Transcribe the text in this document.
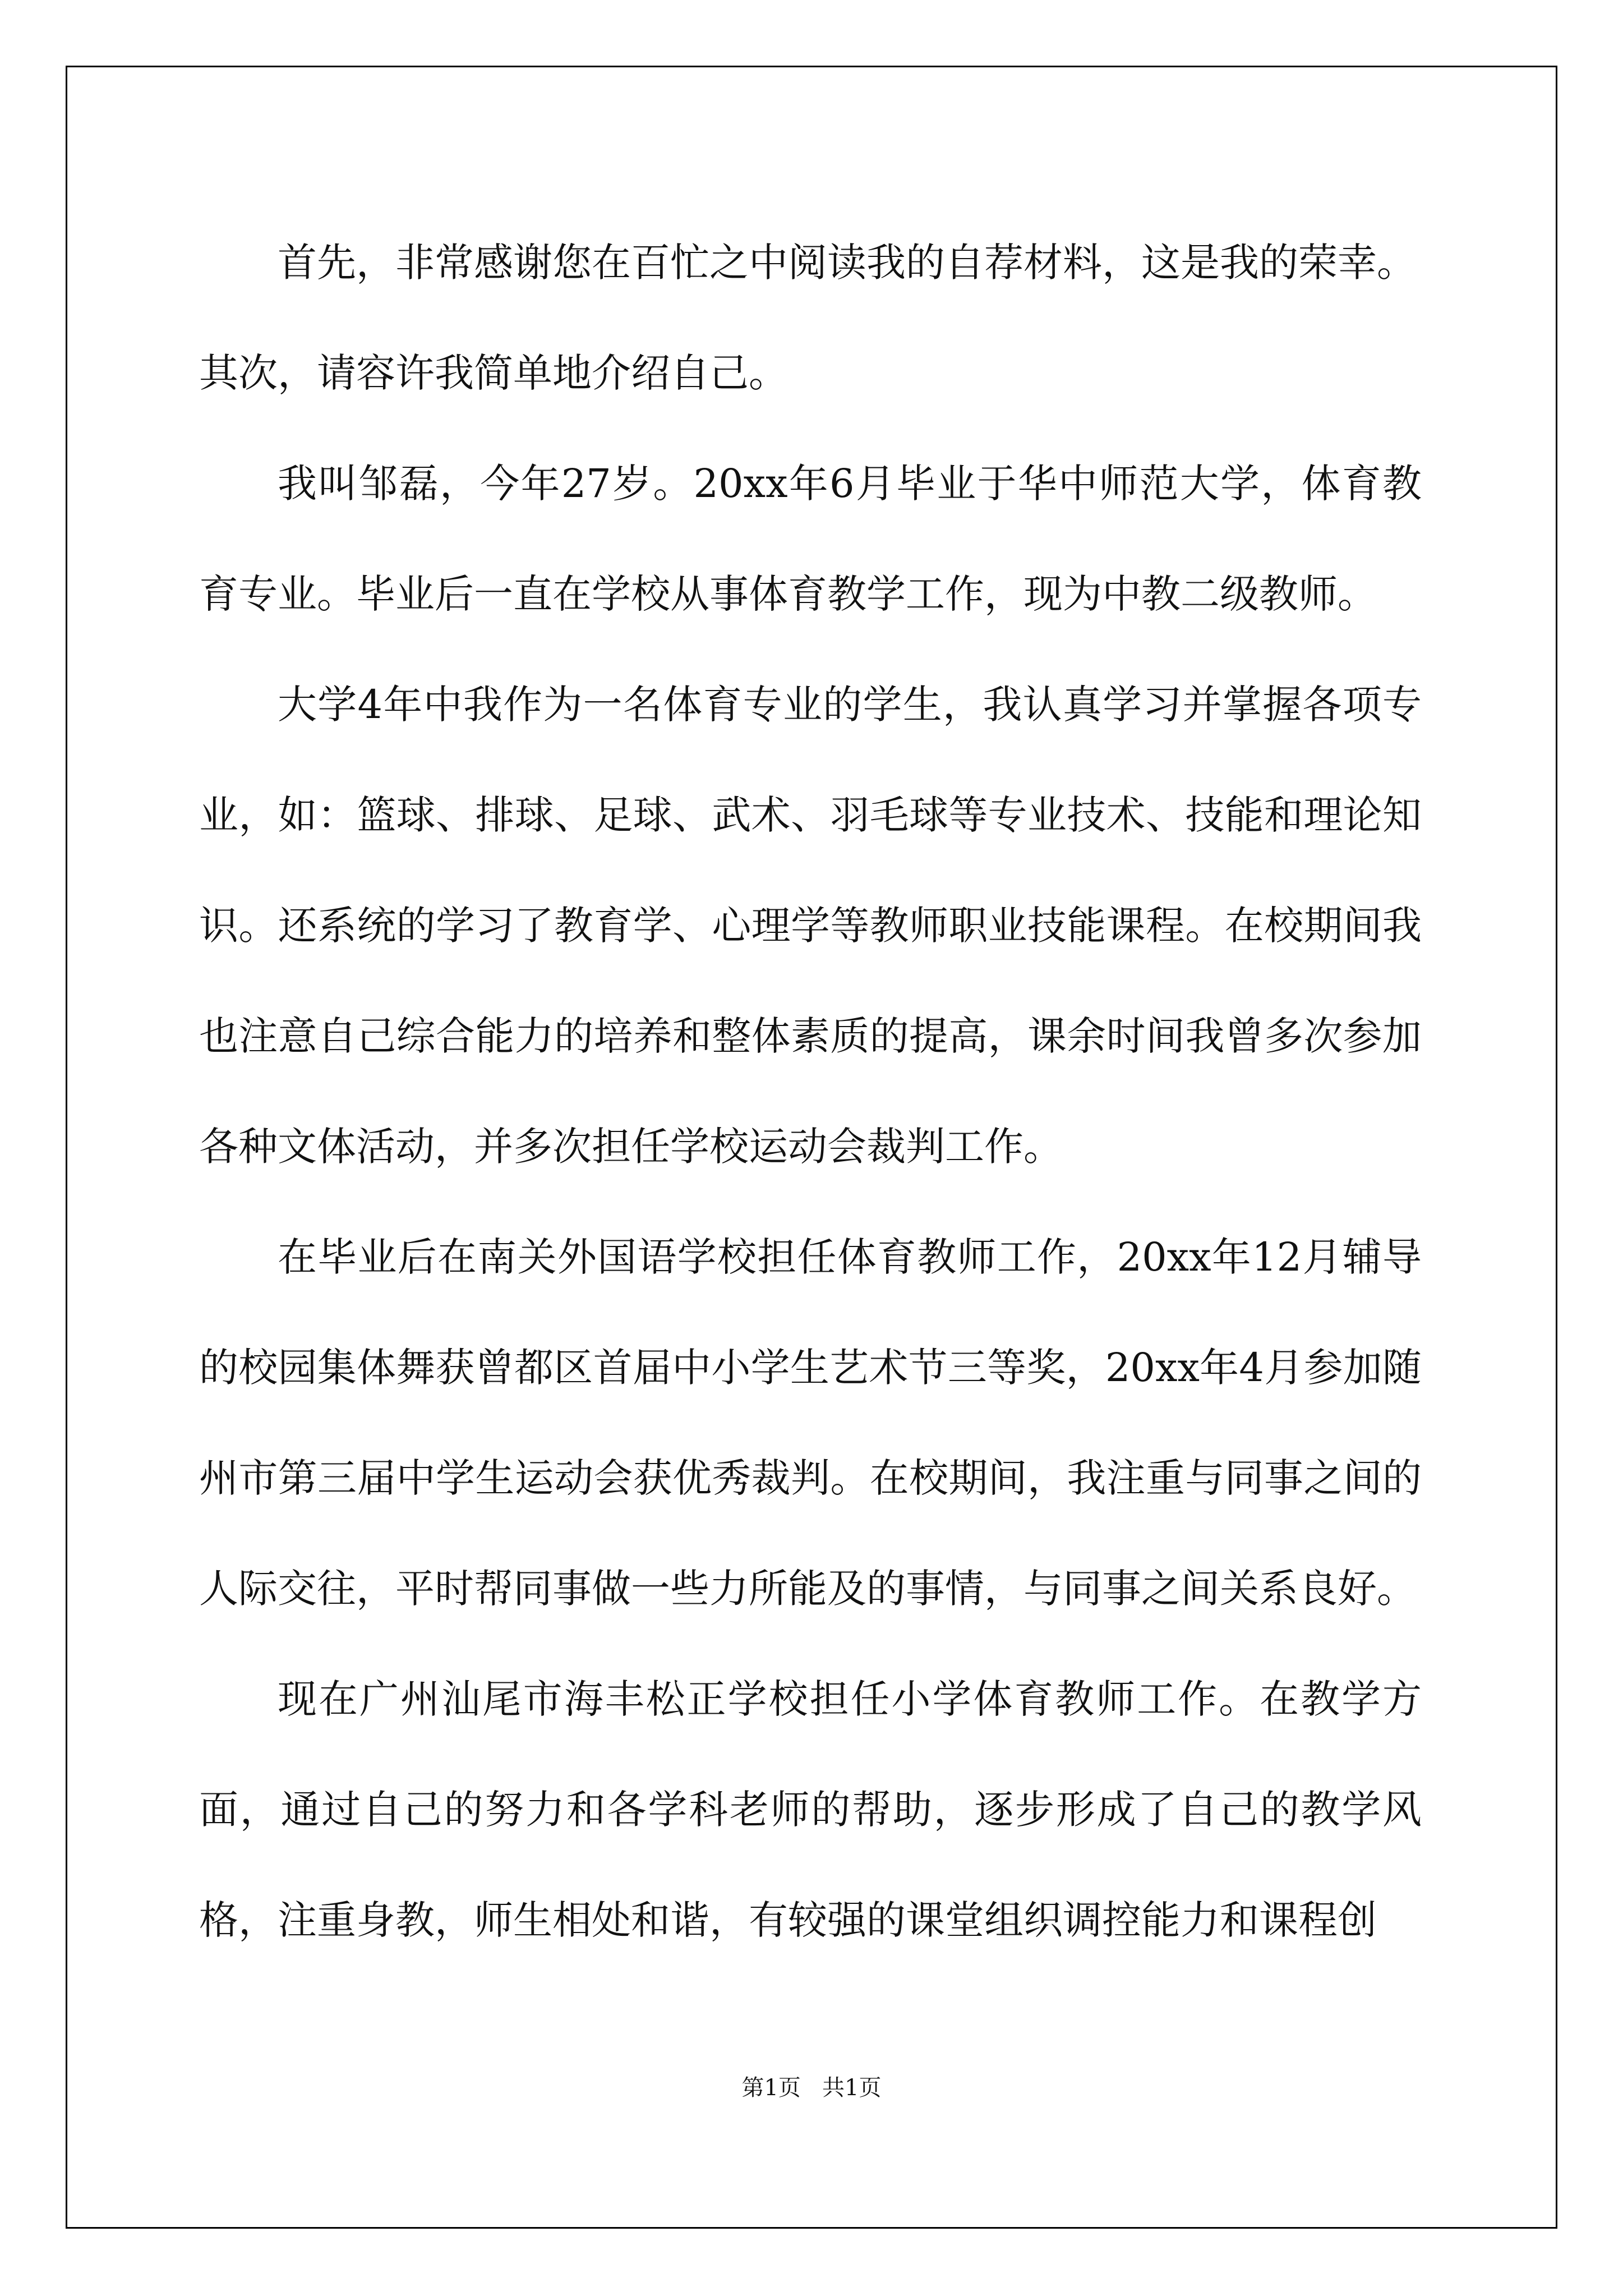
首先，非常感谢您在百忙之中阅读我的自荐材料，这是我的荣幸。

其次，请容许我简单地介绍自己。

我叫邹磊，今年27岁。20xx年6月毕业于华中师范大学，体育教育专业。毕业后一直在学校从事体育教学工作，现为中教二级教师。

大学4年中我作为一名体育专业的学生，我认真学习并掌握各项专业，如：篮球、排球、足球、武术、羽毛球等专业技术、技能和理论知识。还系统的学习了教育学、心理学等教师职业技能课程。在校期间我也注意自己综合能力的培养和整体素质的提高，课余时间我曾多次参加各种文体活动，并多次担任学校运动会裁判工作。

在毕业后在南关外国语学校担任体育教师工作，20xx年12月辅导的校园集体舞获曾都区首届中小学生艺术节三等奖，20xx年4月参加随州市第三届中学生运动会获优秀裁判。在校期间，我注重与同事之间的人际交往，平时帮同事做一些力所能及的事情，与同事之间关系良好。

现在广州汕尾市海丰松正学校担任小学体育教师工作。在教学方面，通过自己的努力和各学科老师的帮助，逐步形成了自己的教学风格，注重身教，师生相处和谐，有较强的课堂组织调控能力和课程创

第1页   共1页
